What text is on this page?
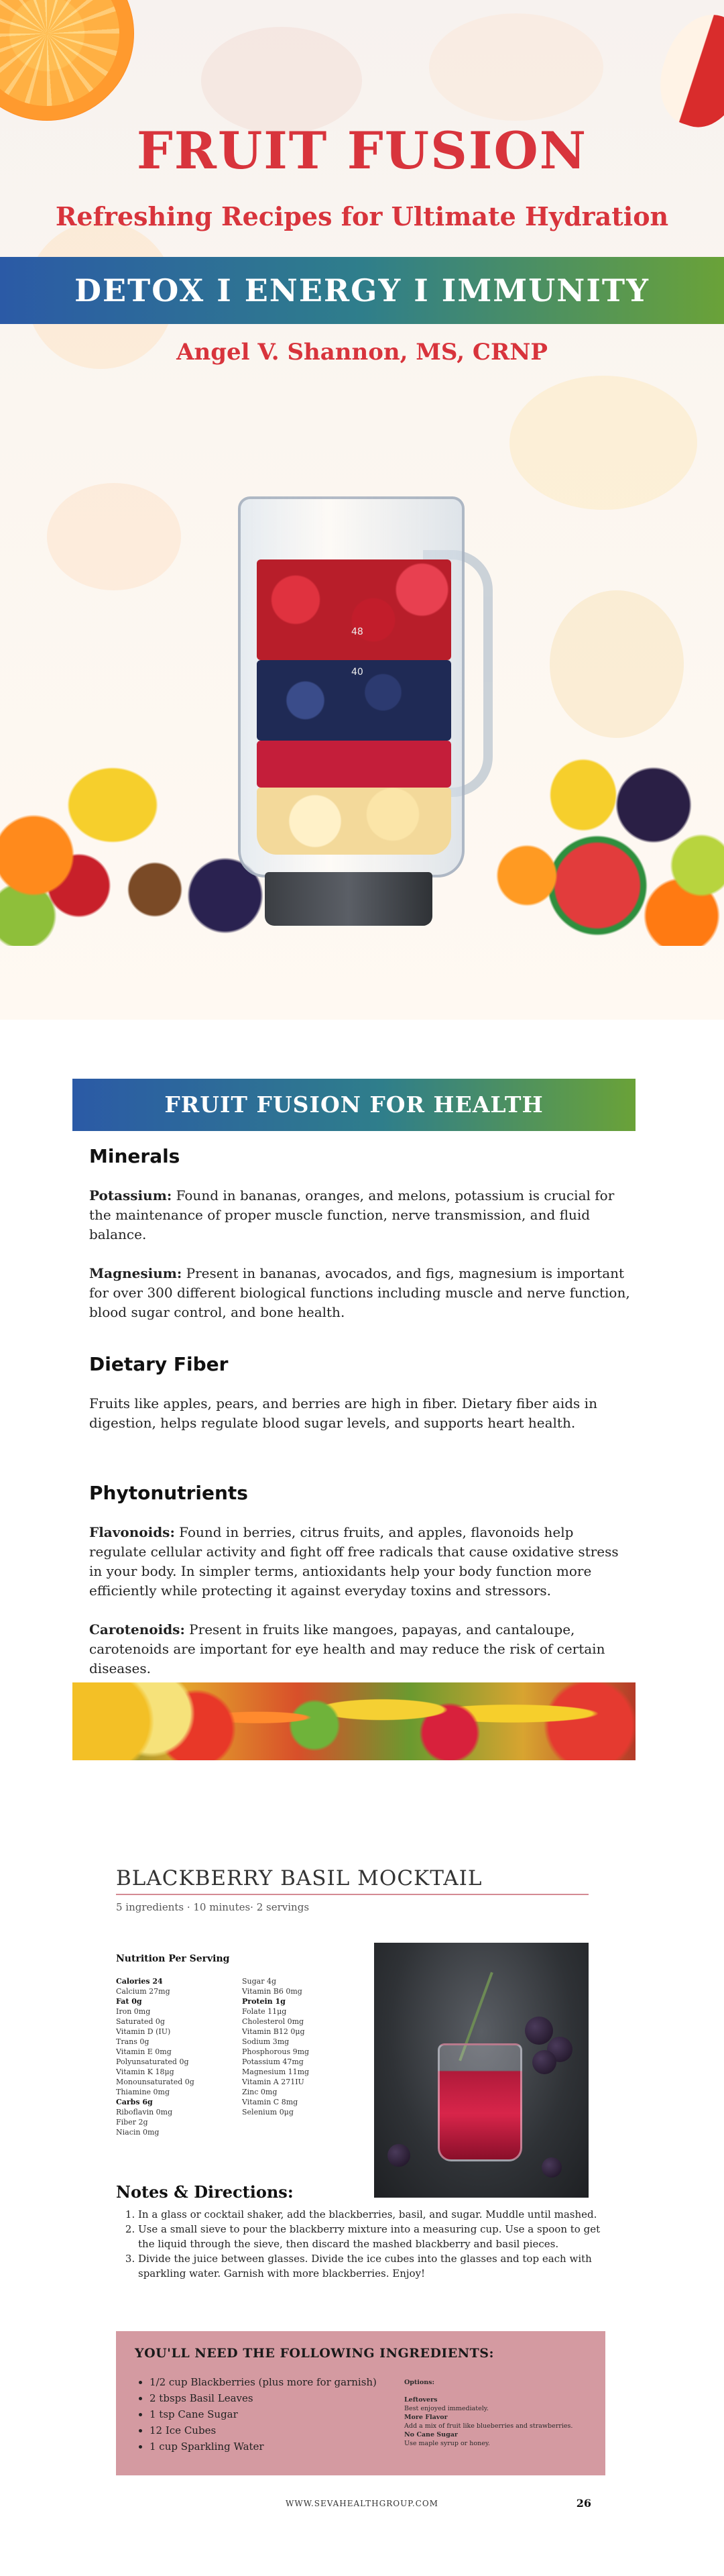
FRUIT FUSION
Refreshing Recipes for Ultimate Hydration
DETOX I ENERGY I IMMUNITY
Angel V. Shannon, MS, CRNP
48
40
FRUIT FUSION FOR HEALTH
Minerals

Potassium: Found in bananas, oranges, and melons, potassium is crucial for the maintenance of proper muscle function, nerve transmission, and fluid balance.

Magnesium: Present in bananas, avocados, and figs, magnesium is important for over 300 different biological functions including muscle and nerve function, blood sugar control, and bone health.

Dietary Fiber

Fruits like apples, pears, and berries are high in fiber. Dietary fiber aids in digestion, helps regulate blood sugar levels, and supports heart health.

Phytonutrients

Flavonoids: Found in berries, citrus fruits, and apples, flavonoids help regulate cellular activity and fight off free radicals that cause oxidative stress in your body. In simpler terms, antioxidants help your body function more efficiently while protecting it against everyday toxins and stressors.

Carotenoids: Present in fruits like mangoes, papayas, and cantaloupe, carotenoids are important for eye health and may reduce the risk of certain diseases.

BLACKBERRY BASIL MOCKTAIL
5 ingredients · 10 minutes· 2 servings
Nutrition Per Serving
Calories 24
Calcium 27mg
Fat 0g
Iron 0mg
Saturated 0g
Vitamin D (IU)
Trans 0g
Vitamin E 0mg
Polyunsaturated 0g
Vitamin K 18μg
Monounsaturated 0g
Thiamine 0mg
Carbs 6g
Riboflavin 0mg
Fiber 2g
Niacin 0mg
Sugar 4g
Vitamin B6 0mg
Protein 1g
Folate 11μg
Cholesterol 0mg
Vitamin B12 0μg
Sodium 3mg
Phosphorous 9mg
Potassium 47mg
Magnesium 11mg
Vitamin A 271IU
Zinc 0mg
Vitamin C 8mg
Selenium 0μg
Notes & Directions:
1. In a glass or cocktail shaker, add the blackberries, basil, and sugar. Muddle until mashed.
2. Use a small sieve to pour the blackberry mixture into a measuring cup. Use a spoon to get the liquid through the sieve, then discard the mashed blackberry and basil pieces.
3. Divide the juice between glasses. Divide the ice cubes into the glasses and top each with sparkling water. Garnish with more blackberries. Enjoy!
YOU'LL NEED THE FOLLOWING INGREDIENTS:
• 1/2 cup Blackberries (plus more for garnish)
• 2 tbsps Basil Leaves
• 1 tsp Cane Sugar
• 12 Ice Cubes
• 1 cup Sparkling Water
Options:

Leftovers
Best enjoyed immediately.
More Flavor
Add a mix of fruit like blueberries and strawberries.
No Cane Sugar
Use maple syrup or honey.
WWW.SEVAHEALTHGROUP.COM	26
